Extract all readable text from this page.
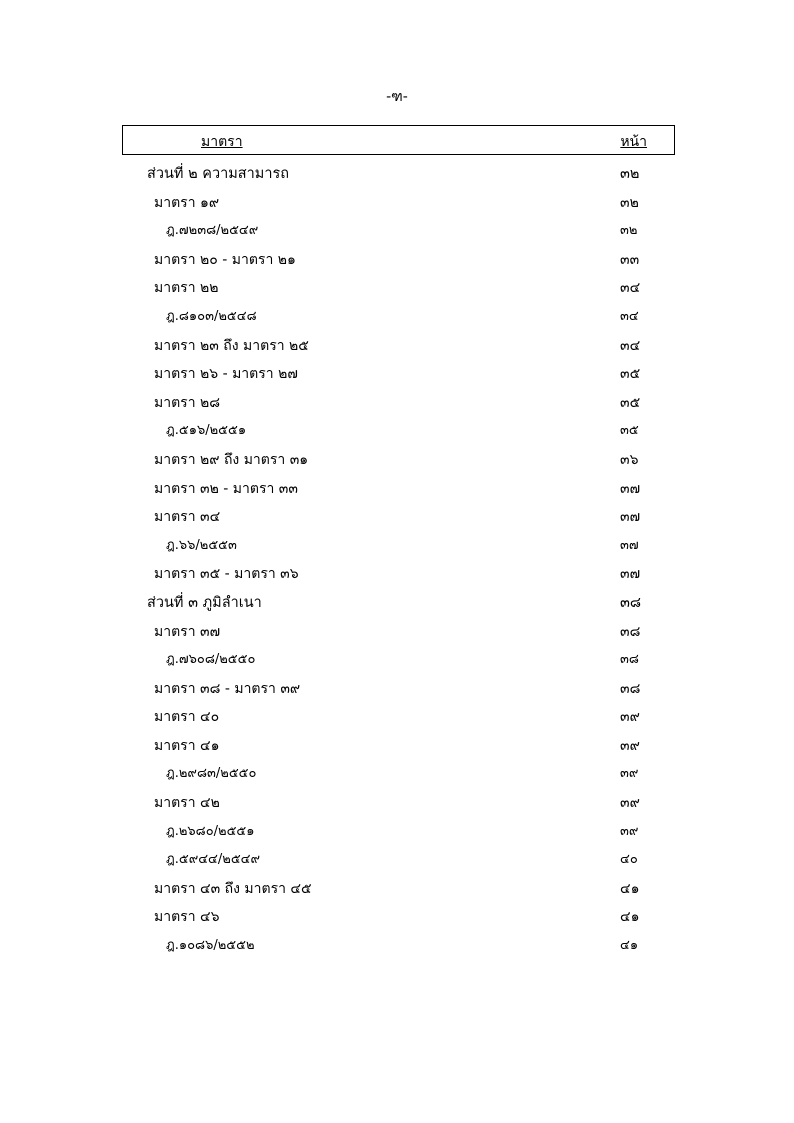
-ฑ-
มาตรา	หน้า
ส่วนที่ ๒ ความสามารถ	๓๒
มาตรา ๑๙	๓๒
ฎ.๗๒๓๘/๒๕๔๙	๓๒
มาตรา ๒๐ - มาตรา ๒๑	๓๓
มาตรา ๒๒	๓๔
ฎ.๘๑๐๓/๒๕๔๘	๓๔
มาตรา ๒๓ ถึง มาตรา ๒๕	๓๔
มาตรา ๒๖ - มาตรา ๒๗	๓๕
มาตรา ๒๘	๓๕
ฎ.๕๑๖/๒๕๕๑	๓๕
มาตรา ๒๙ ถึง มาตรา ๓๑	๓๖
มาตรา ๓๒ - มาตรา ๓๓	๓๗
มาตรา ๓๔	๓๗
ฎ.๖๖/๒๕๕๓	๓๗
มาตรา ๓๕ - มาตรา ๓๖	๓๗
ส่วนที่ ๓ ภูมิลำเนา	๓๘
มาตรา ๓๗	๓๘
ฎ.๗๖๐๘/๒๕๕๐	๓๘
มาตรา ๓๘ - มาตรา ๓๙	๓๘
มาตรา ๔๐	๓๙
มาตรา ๔๑	๓๙
ฎ.๒๙๘๓/๒๕๕๐	๓๙
มาตรา ๔๒	๓๙
ฎ.๒๖๘๐/๒๕๕๑	๓๙
ฎ.๕๙๔๔/๒๕๔๙	๔๐
มาตรา ๔๓ ถึง มาตรา ๔๕	๔๑
มาตรา ๔๖	๔๑
ฎ.๑๐๘๖/๒๕๕๒	๔๑
